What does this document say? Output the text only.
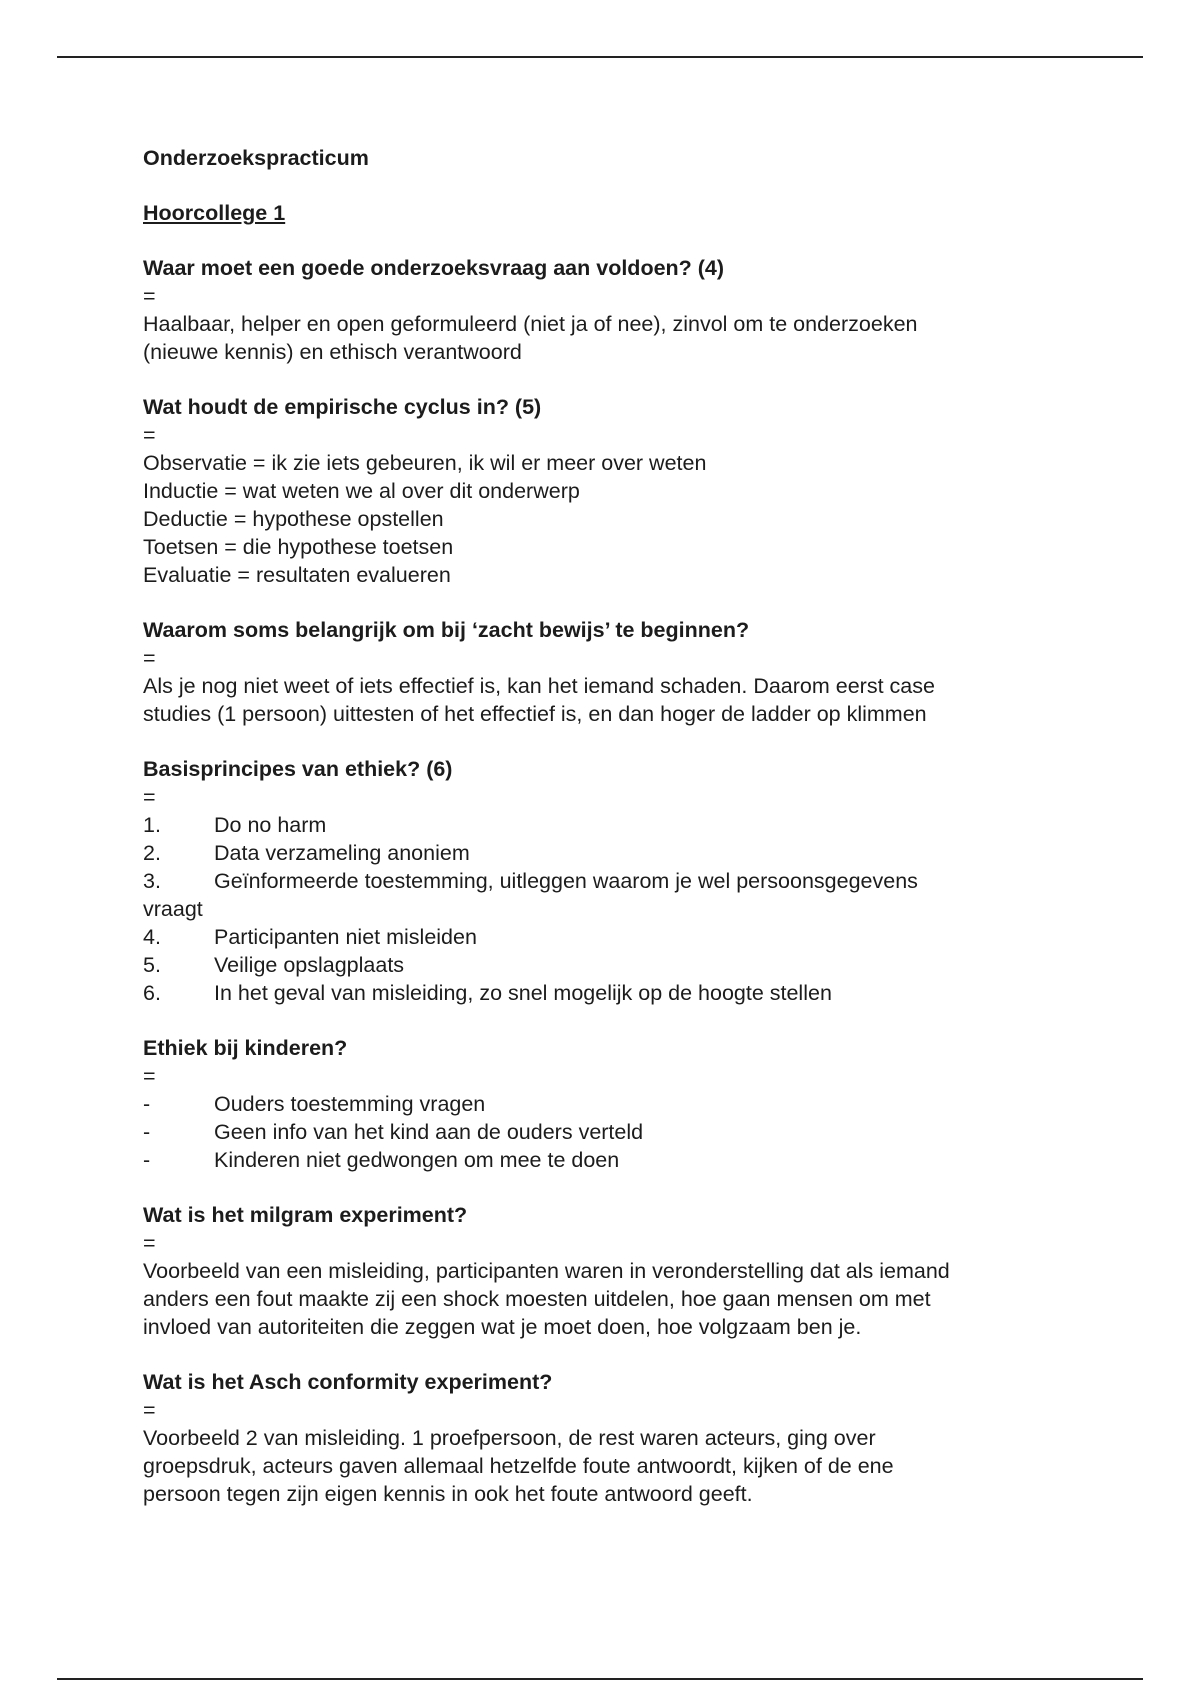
Onderzoekspracticum
Hoorcollege 1
Waar moet een goede onderzoeksvraag aan voldoen? (4)
=
Haalbaar, helper en open geformuleerd (niet ja of nee), zinvol om te onderzoeken
(nieuwe kennis) en ethisch verantwoord
Wat houdt de empirische cyclus in? (5)
=
Observatie = ik zie iets gebeuren, ik wil er meer over weten
Inductie = wat weten we al over dit onderwerp
Deductie = hypothese opstellen
Toetsen = die hypothese toetsen
Evaluatie = resultaten evalueren
Waarom soms belangrijk om bij ‘zacht bewijs’ te beginnen?
=
Als je nog niet weet of iets effectief is, kan het iemand schaden. Daarom eerst case
studies (1 persoon) uittesten of het effectief is, en dan hoger de ladder op klimmen
Basisprincipes van ethiek? (6)
=
1.	Do no harm
2.	Data verzameling anoniem
3.	Geïnformeerde toestemming, uitleggen waarom je wel persoonsgegevens
vraagt
4.	Participanten niet misleiden
5.	Veilige opslagplaats
6.	In het geval van misleiding, zo snel mogelijk op de hoogte stellen
Ethiek bij kinderen?
=
-	Ouders toestemming vragen
-	Geen info van het kind aan de ouders verteld
-	Kinderen niet gedwongen om mee te doen
Wat is het milgram experiment?
=
Voorbeeld van een misleiding, participanten waren in veronderstelling dat als iemand
anders een fout maakte zij een shock moesten uitdelen, hoe gaan mensen om met
invloed van autoriteiten die zeggen wat je moet doen, hoe volgzaam ben je.
Wat is het Asch conformity experiment?
=
Voorbeeld 2 van misleiding. 1 proefpersoon, de rest waren acteurs, ging over
groepsdruk, acteurs gaven allemaal hetzelfde foute antwoordt, kijken of de ene
persoon tegen zijn eigen kennis in ook het foute antwoord geeft.
